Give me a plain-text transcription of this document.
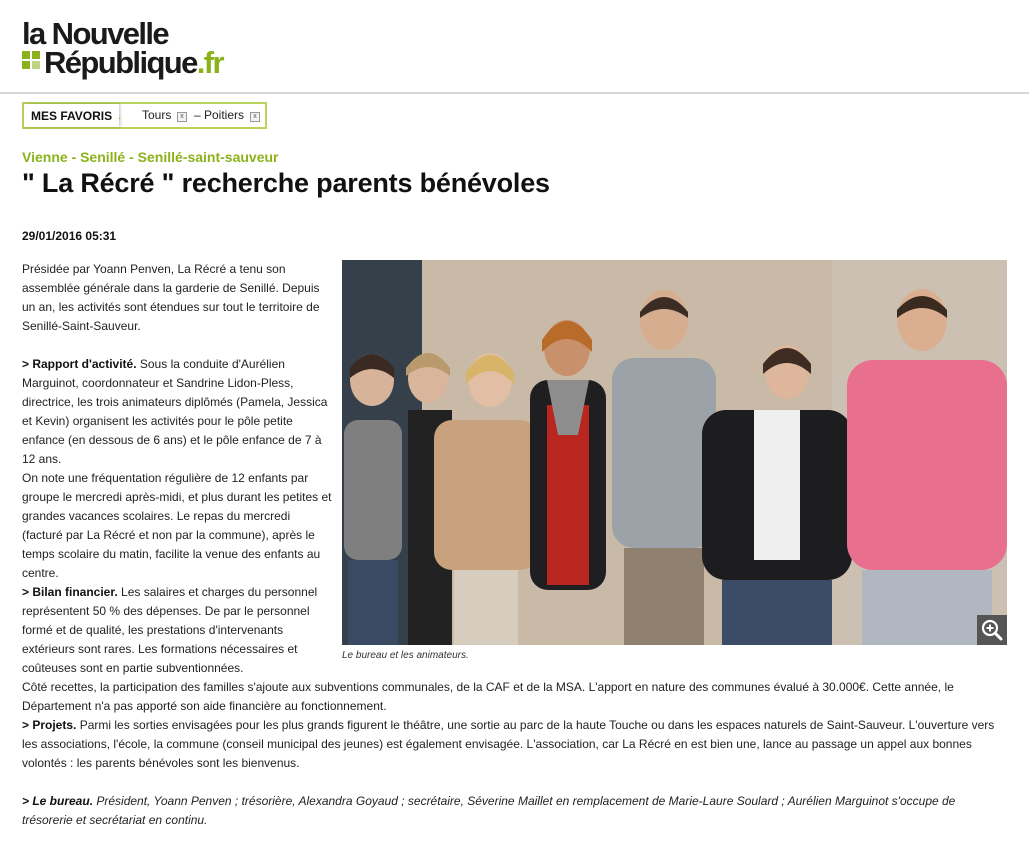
la Nouvelle
République.fr
MES FAVORIS . Tours	x – Poitiers	x
Vienne - Senillé - Senillé-saint-sauveur
" La Récré " recherche parents bénévoles
29/01/2016 05:31
Le bureau et les animateurs.

Présidée par Yoann Penven, La Récré a tenu son assemblée générale dans la garderie de Senillé. Depuis un an, les activités sont étendues sur tout le territoire de Senillé-Saint-Sauveur.

> Rapport d'activité. Sous la conduite d'Aurélien Marguinot, coordonnateur et Sandrine Lidon-Pless, directrice, les trois animateurs diplômés (Pamela, Jessica et Kevin) organisent les activités pour le pôle petite enfance (en dessous de 6 ans) et le pôle enfance de 7 à 12 ans.

On note une fréquentation régulière de 12 enfants par groupe le mercredi après-midi, et plus durant les petites et grandes vacances scolaires. Le repas du mercredi (facturé par La Récré et non par la commune), après le temps scolaire du matin, facilite la venue des enfants au centre.

> Bilan financier. Les salaires et charges du personnel représentent 50 % des dépenses. De par le personnel formé et de qualité, les prestations d'intervenants extérieurs sont rares. Les formations nécessaires et coûteuses sont en partie subventionnées.

Côté recettes, la participation des familles s'ajoute aux subventions communales, de la CAF et de la MSA. L'apport en nature des communes évalué à 30.000€. Cette année, le Département n'a pas apporté son aide financière au fonctionnement.

> Projets. Parmi les sorties envisagées pour les plus grands figurent le théâtre, une sortie au parc de la haute Touche ou dans les espaces naturels de Saint-Sauveur. L'ouverture vers les associations, l'école, la commune (conseil municipal des jeunes) est également envisagée. L'association, car La Récré en est bien une, lance au passage un appel aux bonnes volontés : les parents bénévoles sont les bienvenus.

> Le bureau. Président, Yoann Penven ; trésorière, Alexandra Goyaud ; secrétaire, Séverine Maillet en remplacement de Marie-Laure Soulard ; Aurélien Marguinot s'occupe de trésorerie et secrétariat en continu.
